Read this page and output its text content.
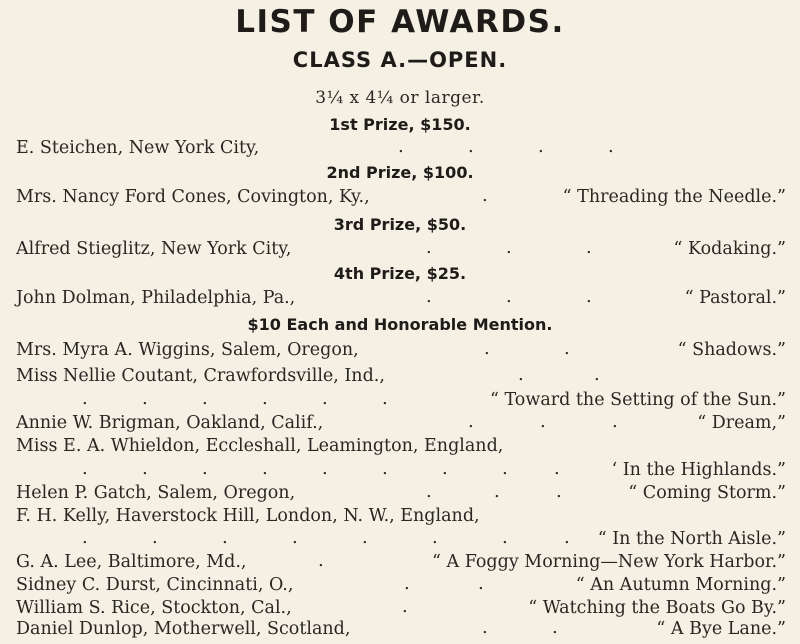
LIST OF AWARDS.
CLASS A.—OPEN.
3¼ x 4¼ or larger.
1st Prize, $150.
E. Steichen, New York City,	.	.	.	.
2nd Prize, $100.
Mrs. Nancy Ford Cones, Covington, Ky.,	.	“ Threading the Needle.”
3rd Prize, $50.
Alfred Stieglitz, New York City,	.	.	.	“ Kodaking.”
4th Prize, $25.
John Dolman, Philadelphia, Pa.,	.	.	.	“ Pastoral.”
$10 Each and Honorable Mention.
Mrs. Myra A. Wiggins, Salem, Oregon,	.	.	“ Shadows.”
Miss Nellie Coutant, Crawfordsville, Ind.,	.	.
.	.	.	.	.	.	“ Toward the Setting of the Sun.”
Annie W. Brigman, Oakland, Calif.,	.	.	.	“ Dream,”
Miss E. A. Whieldon, Eccleshall, Leamington, England,
.	.	.	.	.	.	.	.	.	‘ In the Highlands.”
Helen P. Gatch, Salem, Oregon,	.	.	.	“ Coming Storm.”
F. H. Kelly, Haverstock Hill, London, N. W., England,
.	.	.	.	.	.	.	. “ In the North Aisle.”
G. A. Lee, Baltimore, Md.,	.	“ A Foggy Morning—New York Harbor.”
Sidney C. Durst, Cincinnati, O.,	.	.	“ An Autumn Morning.”
William S. Rice, Stockton, Cal.,	.	“ Watching the Boats Go By.”
Daniel Dunlop, Motherwell, Scotland,	.	.	“ A Bye Lane.”
